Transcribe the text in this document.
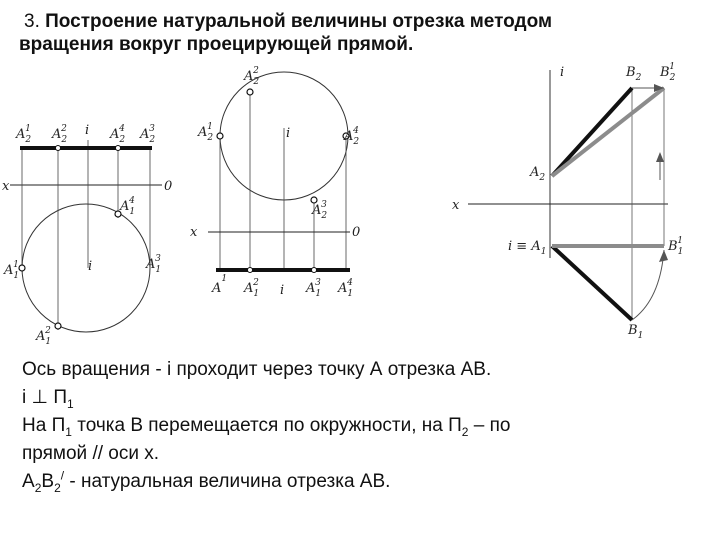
3. Построение натуральной величины отрезка методом
вращения вокруг проецирующей прямой.
x	0
$A_21$ $A_22$ i $A_24$ $A_23$
$A_14$
$A_11$	i	$A_13$
$A_12$
$A_22$
$A_21$	i	$A_24$
$A_23$
x	0
$A^1$
$A_12$ i $A_13$ $A_14$
i
x
$B_2$ $B_21$
$A_2$
$i \equiv A_1$	$B_11$
$B_1$
Ось вращения - i проходит через точку А отрезка АВ.
i ⊥ $П_1$
На $П_1$ точка В перемещается по окружности, на $П_2$ – по
прямой // оси х.
$А_2В_2^/$ - натуральная величина отрезка АВ.
